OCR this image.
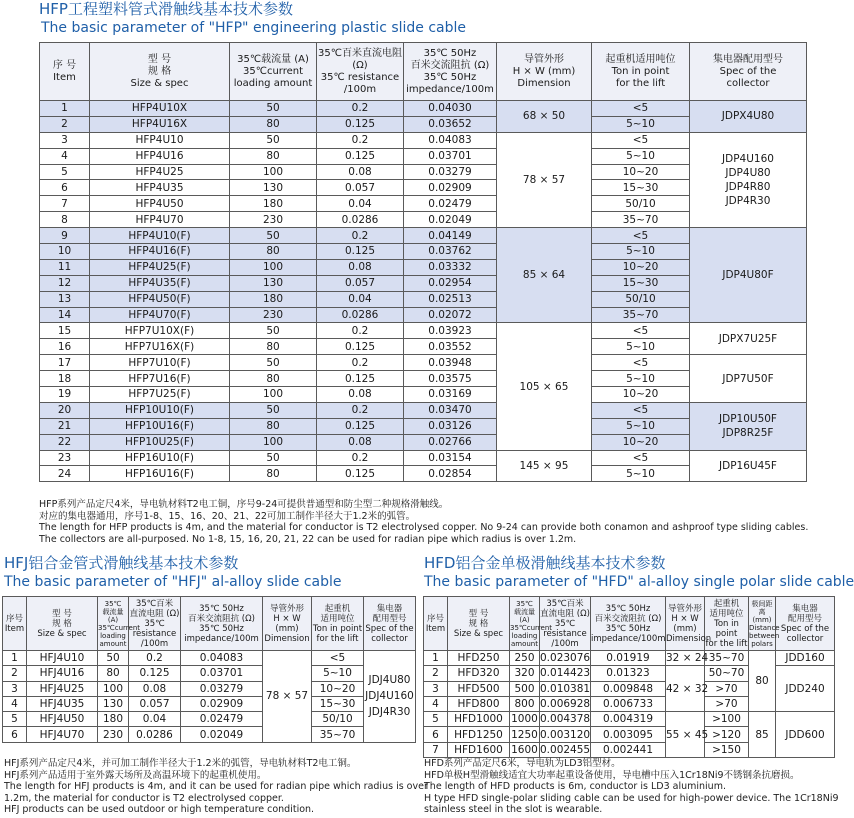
HFP工程塑料管式滑触线基本技术参数
The basic parameter of "HFP" engineering plastic slide cable
序 号
Item	型 号
规 格
Size & spec	35℃载流量 (A)
35℃current
loading amount	35℃百米直流电阻
(Ω)
35℃ resistance
/100m	35℃ 50Hz
百米交流阻抗 (Ω)
35℃ 50Hz
impedance/100m	导管外形
H × W (mm)
Dimension	起重机适用吨位
Ton in point
for the lift	集电器配用型号
Spec of the
collector
1	HFP4U10X	50	0.2	0.04030	68 × 50	<5	JDPX4U80
2	HFP4U16X	80	0.125	0.03652		5~10	
3	HFP4U10	50	0.2	0.04083	78 × 57	<5	JDP4U160
JDP4U80
JDP4R80
JDP4R30
4	HFP4U16	80	0.125	0.03701		5~10	
5	HFP4U25	100	0.08	0.03279		10~20	
6	HFP4U35	130	0.057	0.02909		15~30	
7	HFP4U50	180	0.04	0.02479		50/10	
8	HFP4U70	230	0.0286	0.02049		35~70	
9	HFP4U10(F)	50	0.2	0.04149	85 × 64	<5	JDP4U80F
10	HFP4U16(F)	80	0.125	0.03762		5~10	
11	HFP4U25(F)	100	0.08	0.03332		10~20	
12	HFP4U35(F)	130	0.057	0.02954		15~30	
13	HFP4U50(F)	180	0.04	0.02513		50/10	
14	HFP4U70(F)	230	0.0286	0.02072		35~70	
15	HFP7U10X(F)	50	0.2	0.03923	105 × 65	<5	JDPX7U25F
16	HFP7U16X(F)	80	0.125	0.03552		5~10	
17	HFP7U10(F)	50	0.2	0.03948		<5	JDP7U50F
18	HFP7U16(F)	80	0.125	0.03575		5~10	
19	HFP7U25(F)	100	0.08	0.03169		10~20	
20	HFP10U10(F)	50	0.2	0.03470		<5	JDP10U50F
JDP8R25F
21	HFP10U16(F)	80	0.125	0.03126		5~10	
22	HFP10U25(F)	100	0.08	0.02766		10~20	
23	HFP16U10(F)	50	0.2	0.03154	145 × 95	<5	JDP16U45F
24	HFP16U16(F)	80	0.125	0.02854		5~10	
HFP系列产品定尺4米，导电轨材料T2电工铜，序号9-24可提供普通型和防尘型二种规格滑触线。
对应的集电器通用，序号1-8、15、16、20、21、22可加工制作半径大于1.2米的弧管。
The length for HFP products is 4m, and the material for conductor is T2 electrolysed copper. No 9-24 can provide both conamon and ashproof type sliding cables.
The collectors are all-purposed. No 1-8, 15, 16, 20, 21, 22 can be used for radian pipe which radius is over 1.2m.
HFJ铝合金管式滑触线基本技术参数
The basic parameter of "HFJ" al-alloy slide cable
序号
Item	型 号
规 格
Size & spec	35℃
载流量 (A)
35℃current
loading
amount	35℃百米
直流电阻 (Ω)
35℃ resistance
/100m	35℃ 50Hz
百米交流阻抗 (Ω)
35℃ 50Hz
impedance/100m	导管外形
H × W
(mm)
Dimension	起重机
适用吨位
Ton in point
for the lift	集电器
配用型号
Spec of the
collector
1	HFJ4U10	50	0.2	0.04083	78 × 57	<5	JDJ4U80
JDJ4U160
JDJ4R30
2	HFJ4U16	80	0.125	0.03701		5~10	
3	HFJ4U25	100	0.08	0.03279		10~20	
4	HFJ4U35	130	0.057	0.02909		15~30	
5	HFJ4U50	180	0.04	0.02479		50/10	
6	HFJ4U70	230	0.0286	0.02049		35~70	
HFJ系列产品定尺4米，并可加工制作半径大于1.2米的弧管，导电轨材料T2电工铜。
HFJ系列产品适用于室外露天场所及高温环境下的起重机使用。
The length for HFJ products is 4m, and it can be used for radian pipe which radius is over
1.2m, the material for conductor is T2 electrolysed copper.
HFJ products can be used outdoor or high temperature condition.
HFD铝合金单极滑触线基本技术参数
The basic parameter of "HFD" al-alloy single polar slide cable
序号
Item	型 号
规 格
Size & spec	35℃
载流量 (A)
35℃current
loading
amount	35℃百米
直流电阻 (Ω)
35℃ resistance
/100m	35℃ 50Hz
百米交流阻抗 (Ω)
35℃ 50Hz
impedance/100m	导管外形
H × W
(mm)
Dimension	起重机
适用吨位
Ton in point
for the lift	极间距离
(mm)
Distance
between
polars	集电器
配用型号
Spec of the
collector
1	HFD250	250	0.023076	0.01919	32 × 24	35~70	80	JDD160
2	HFD320	320	0.014423	0.01323	42 × 32	50~70		JDD240
3	HFD500	500	0.010381	0.009848		>70		
4	HFD800	800	0.006928	0.006733		>70		
5	HFD1000	1000	0.004378	0.004319	55 × 45	>100	85	JDD600
6	HFD1250	1250	0.003120	0.003095		>120		
7	HFD1600	1600	0.002455	0.002441		>150		
HFD系列产品定尺6米，导电轨为LD3铝型材。
HFD单极H型滑触线适宜大功率起重设备使用，导电槽中压入1Cr18Ni9不锈钢条抗磨损。
The length of HFD products is 6m, conductor is LD3 aluminium.
H type HFD single-polar sliding cable can be used for high-power device. The 1Cr18Ni9
stainless steel in the slot is wearable.
